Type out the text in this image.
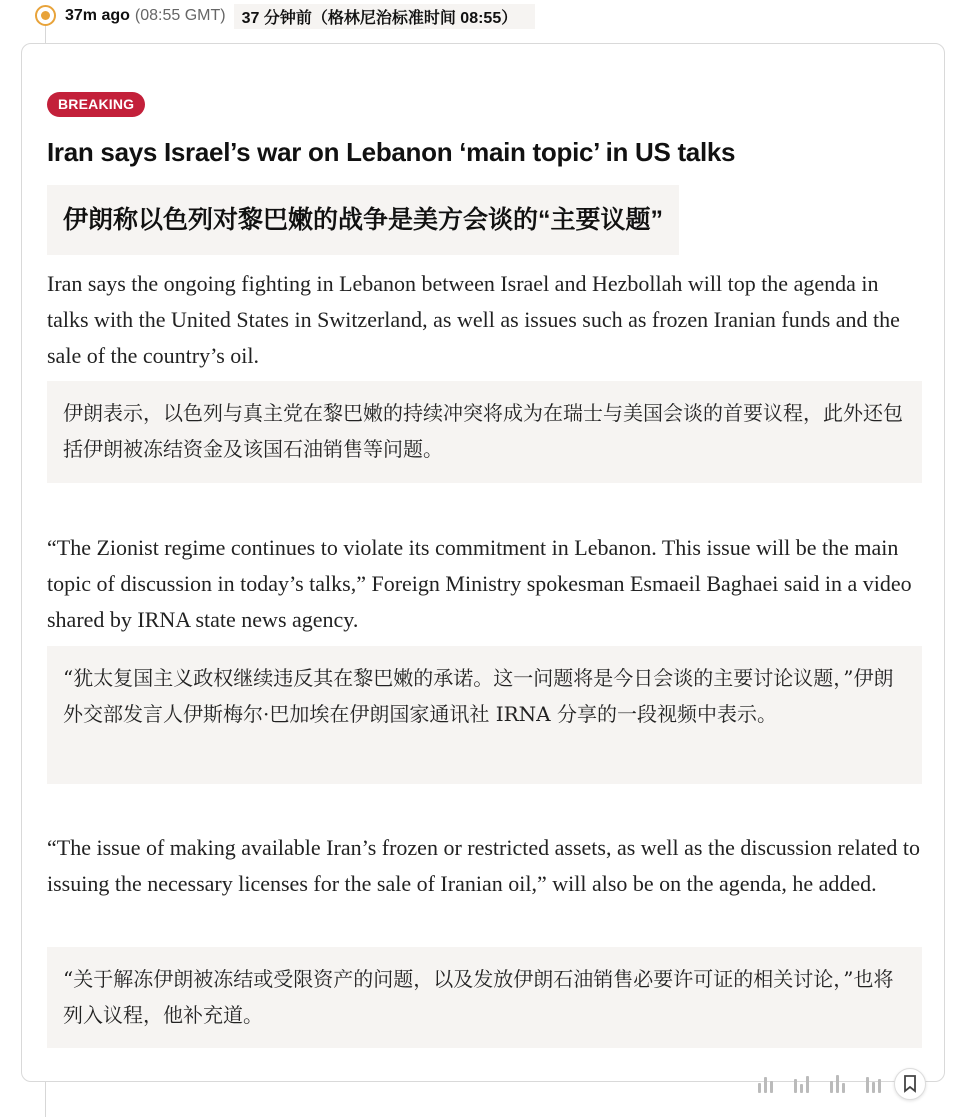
37m ago (08:55 GMT)	37 分钟前（格林尼治标准时间 08:55）
BREAKING
Iran says Israel’s war on Lebanon ‘main topic’ in US talks
伊朗称以色列对黎巴嫩的战争是美方会谈的“主要议题”

Iran says the ongoing fighting in Lebanon between Israel and Hezbollah will top the agenda in talks with the United States in Switzerland, as well as issues such as frozen Iranian funds and the sale of the country’s oil.

伊朗表示，以色列与真主党在黎巴嫩的持续冲突将成为在瑞士与美国会谈的首要议程，此外还包括伊朗被冻结资金及该国石油销售等问题。

“The Zionist regime continues to violate its commitment in Lebanon. This issue will be the main topic of discussion in today’s talks,” Foreign Ministry spokesman Esmaeil Baghaei said in a video shared by IRNA state news agency.

“犹太复国主义政权继续违反其在黎巴嫩的承诺。这一问题将是今日会谈的主要讨论议题，”伊朗外交部发言人伊斯梅尔·巴加埃在伊朗国家通讯社 IRNA 分享的一段视频中表示。

“The issue of making available Iran’s frozen or restricted assets, as well as the discussion related to issuing the necessary licenses for the sale of Iranian oil,” will also be on the agenda, he added.

“关于解冻伊朗被冻结或受限资产的问题，以及发放伊朗石油销售必要许可证的相关讨论，”也将列入议程，他补充道。
